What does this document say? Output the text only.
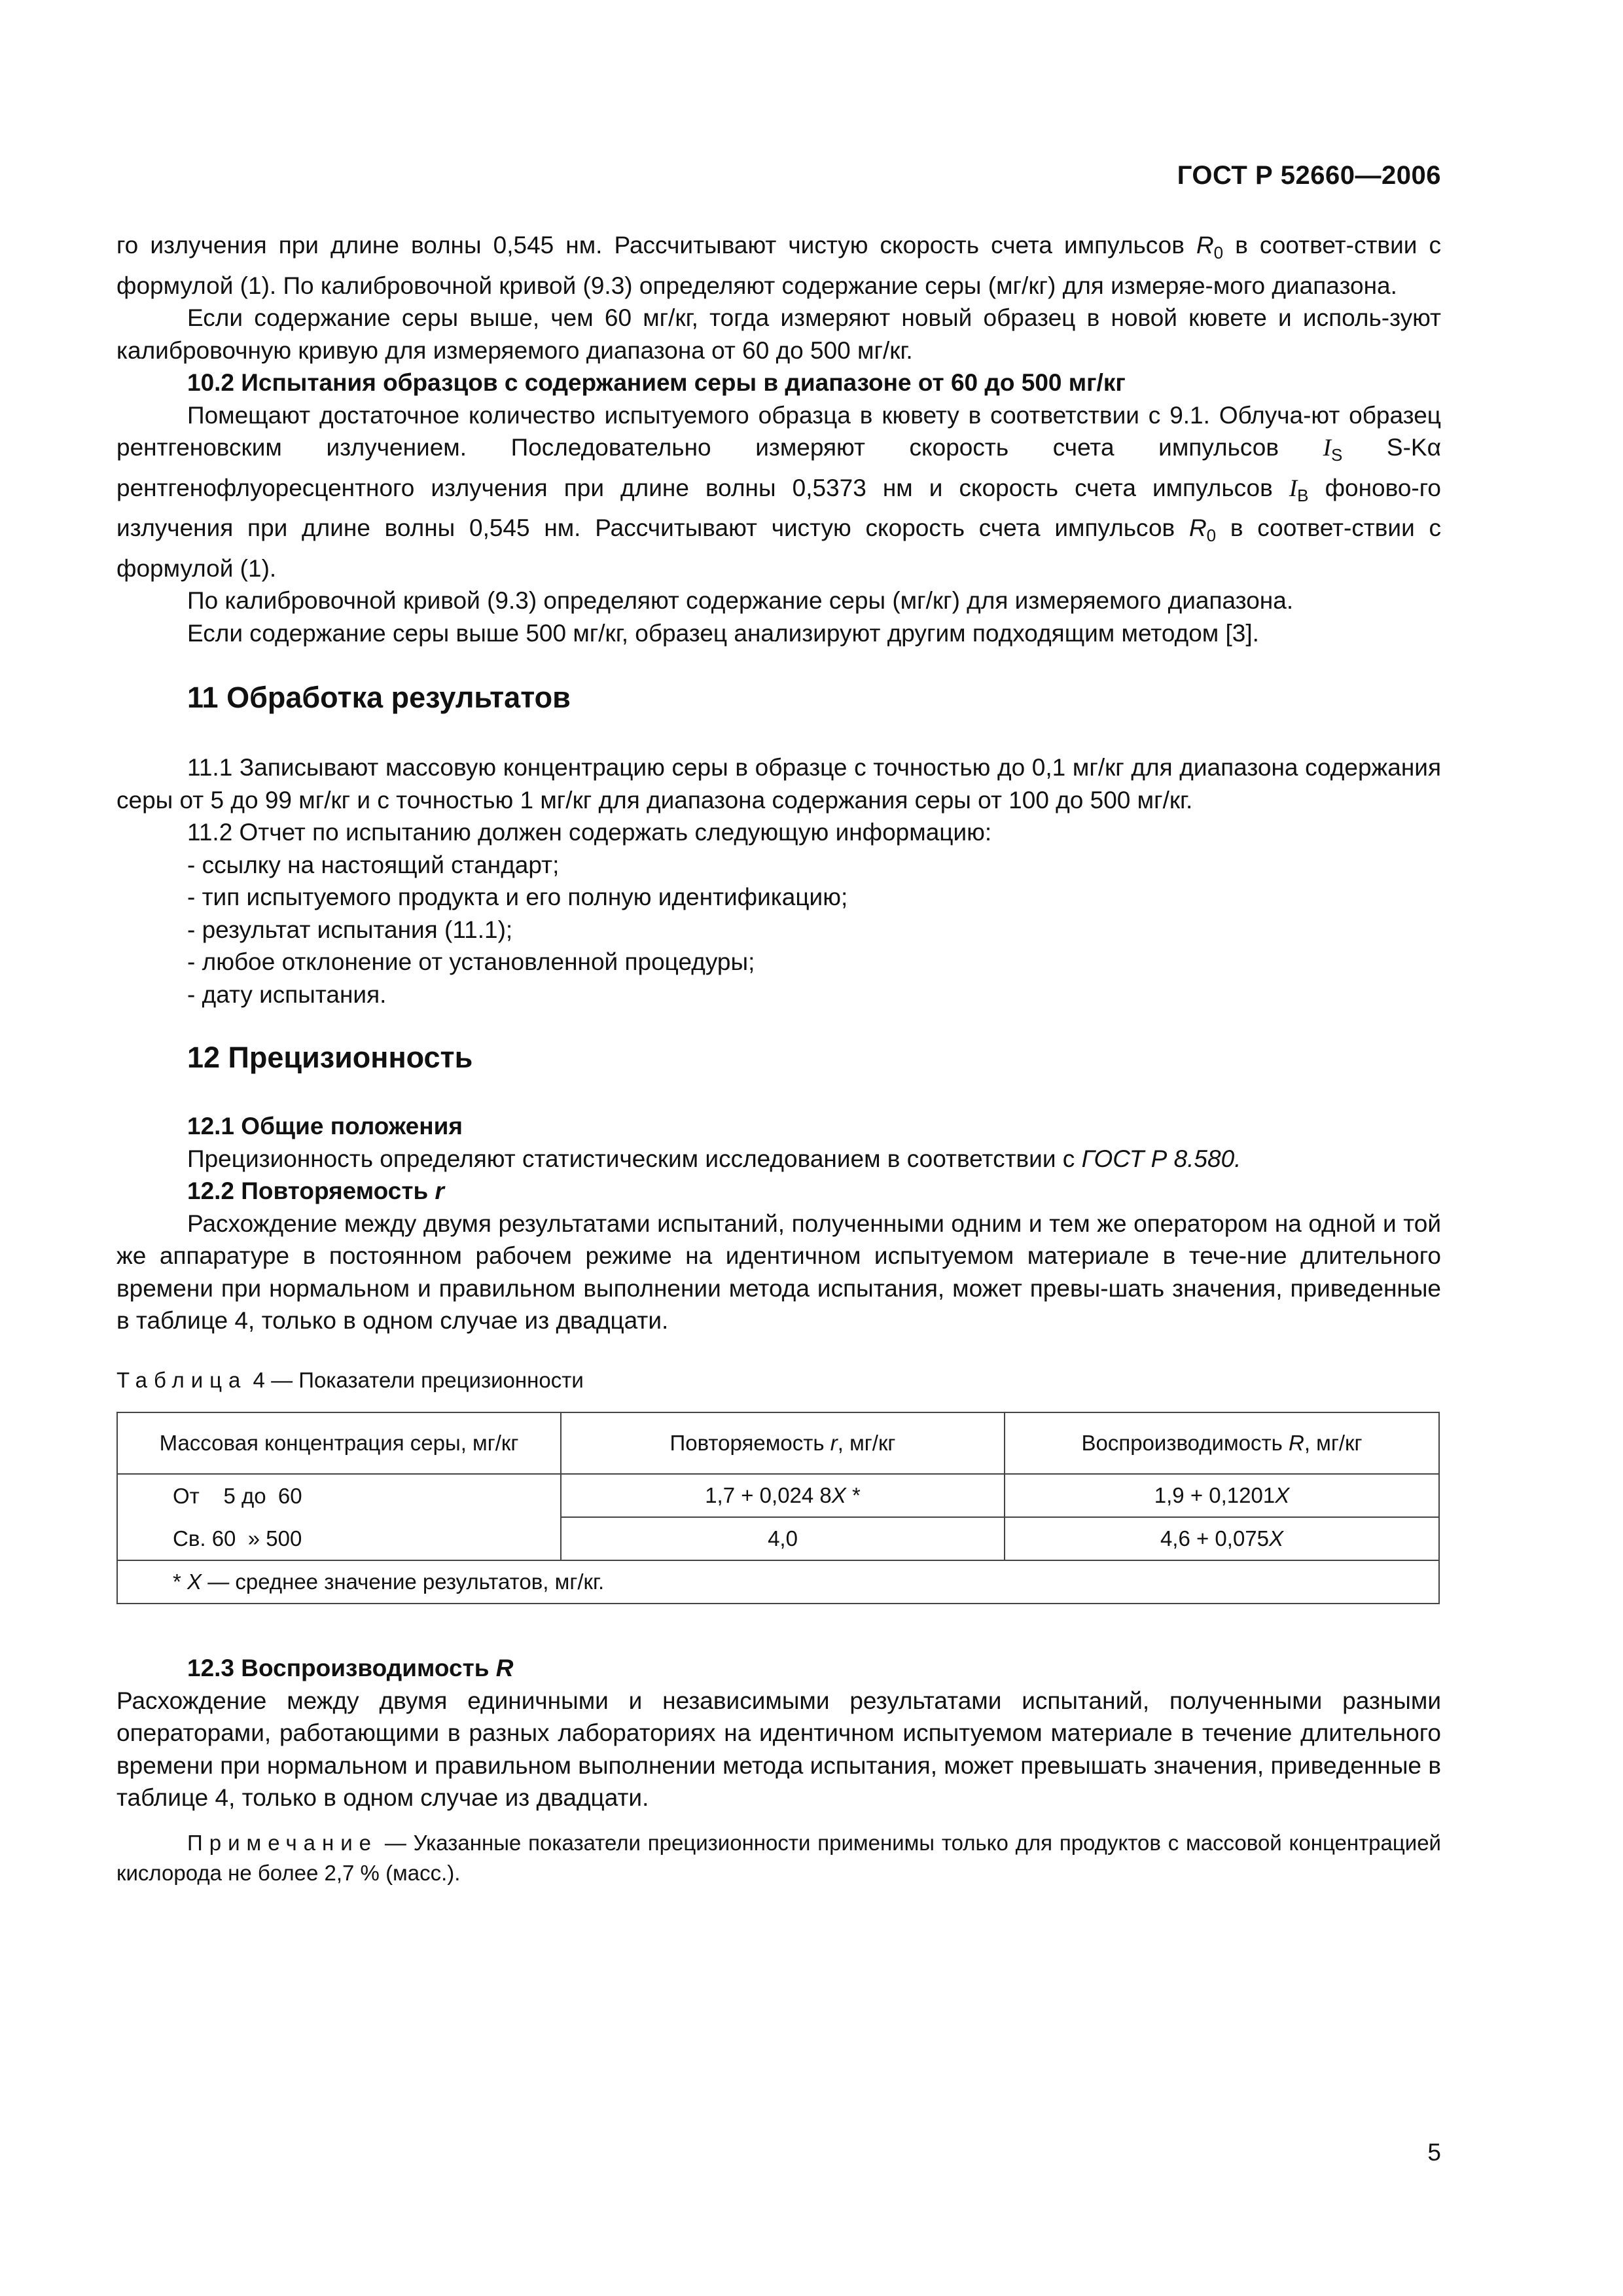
ГОСТ Р 52660—2006

го излучения при длине волны 0,545 нм. Рассчитывают чистую скорость счета импульсов $R_0$ в соответ-ствии с формулой (1). По калибровочной кривой (9.3) определяют содержание серы (мг/кг) для измеряе-мого диапазона.

Если содержание серы выше, чем 60 мг/кг, тогда измеряют новый образец в новой кювете и исполь-зуют калибровочную кривую для измеряемого диапазона от 60 до 500 мг/кг.

10.2 Испытания образцов с содержанием серы в диапазоне от 60 до 500 мг/кг

Помещают достаточное количество испытуемого образца в кювету в соответствии с 9.1. Облуча-ют образец рентгеновским излучением. Последовательно измеряют скорость счета импульсов $I_S$ S-Kα рентгенофлуоресцентного излучения при длине волны 0,5373 нм и скорость счета импульсов $I_B$ фоново-го излучения при длине волны 0,545 нм. Рассчитывают чистую скорость счета импульсов $R_0$ в соответ-ствии с формулой (1).

По калибровочной кривой (9.3) определяют содержание серы (мг/кг) для измеряемого диапазона.

Если содержание серы выше 500 мг/кг, образец анализируют другим подходящим методом [3].

11 Обработка результатов

11.1 Записывают массовую концентрацию серы в образце с точностью до 0,1 мг/кг для диапазона содержания серы от 5 до 99 мг/кг и с точностью 1 мг/кг для диапазона содержания серы от 100 до 500 мг/кг.

11.2 Отчет по испытанию должен содержать следующую информацию:

- ссылку на настоящий стандарт;

- тип испытуемого продукта и его полную идентификацию;

- результат испытания (11.1);

- любое отклонение от установленной процедуры;

- дату испытания.

12 Прецизионность

12.1 Общие положения

Прецизионность определяют статистическим исследованием в соответствии с ГОСТ Р 8.580.

12.2 Повторяемость r

Расхождение между двумя результатами испытаний, полученными одним и тем же оператором на одной и той же аппаратуре в постоянном рабочем режиме на идентичном испытуемом материале в тече-ние длительного времени при нормальном и правильном выполнении метода испытания, может превы-шать значения, приведенные в таблице 4, только в одном случае из двадцати.

Таблица 4 — Показатели прецизионности
Массовая концентрация серы, мг/кг	Повторяемость r, мг/кг	Воспроизводимость R, мг/кг
От    5 до  60	1,7 + 0,024 8X *	1,9 + 0,1201X
Св. 60  » 500	4,0	4,6 + 0,075X
* X — среднее значение результатов, мг/кг.		

12.3 Воспроизводимость R

Расхождение между двумя единичными и независимыми результатами испытаний, полученными разными операторами, работающими в разных лабораториях на идентичном испытуемом материале в течение длительного времени при нормальном и правильном выполнении метода испытания, может превышать значения, приведенные в таблице 4, только в одном случае из двадцати.

Примечание — Указанные показатели прецизионности применимы только для продуктов с массовой концентрацией кислорода не более 2,7 % (масс.).

5
